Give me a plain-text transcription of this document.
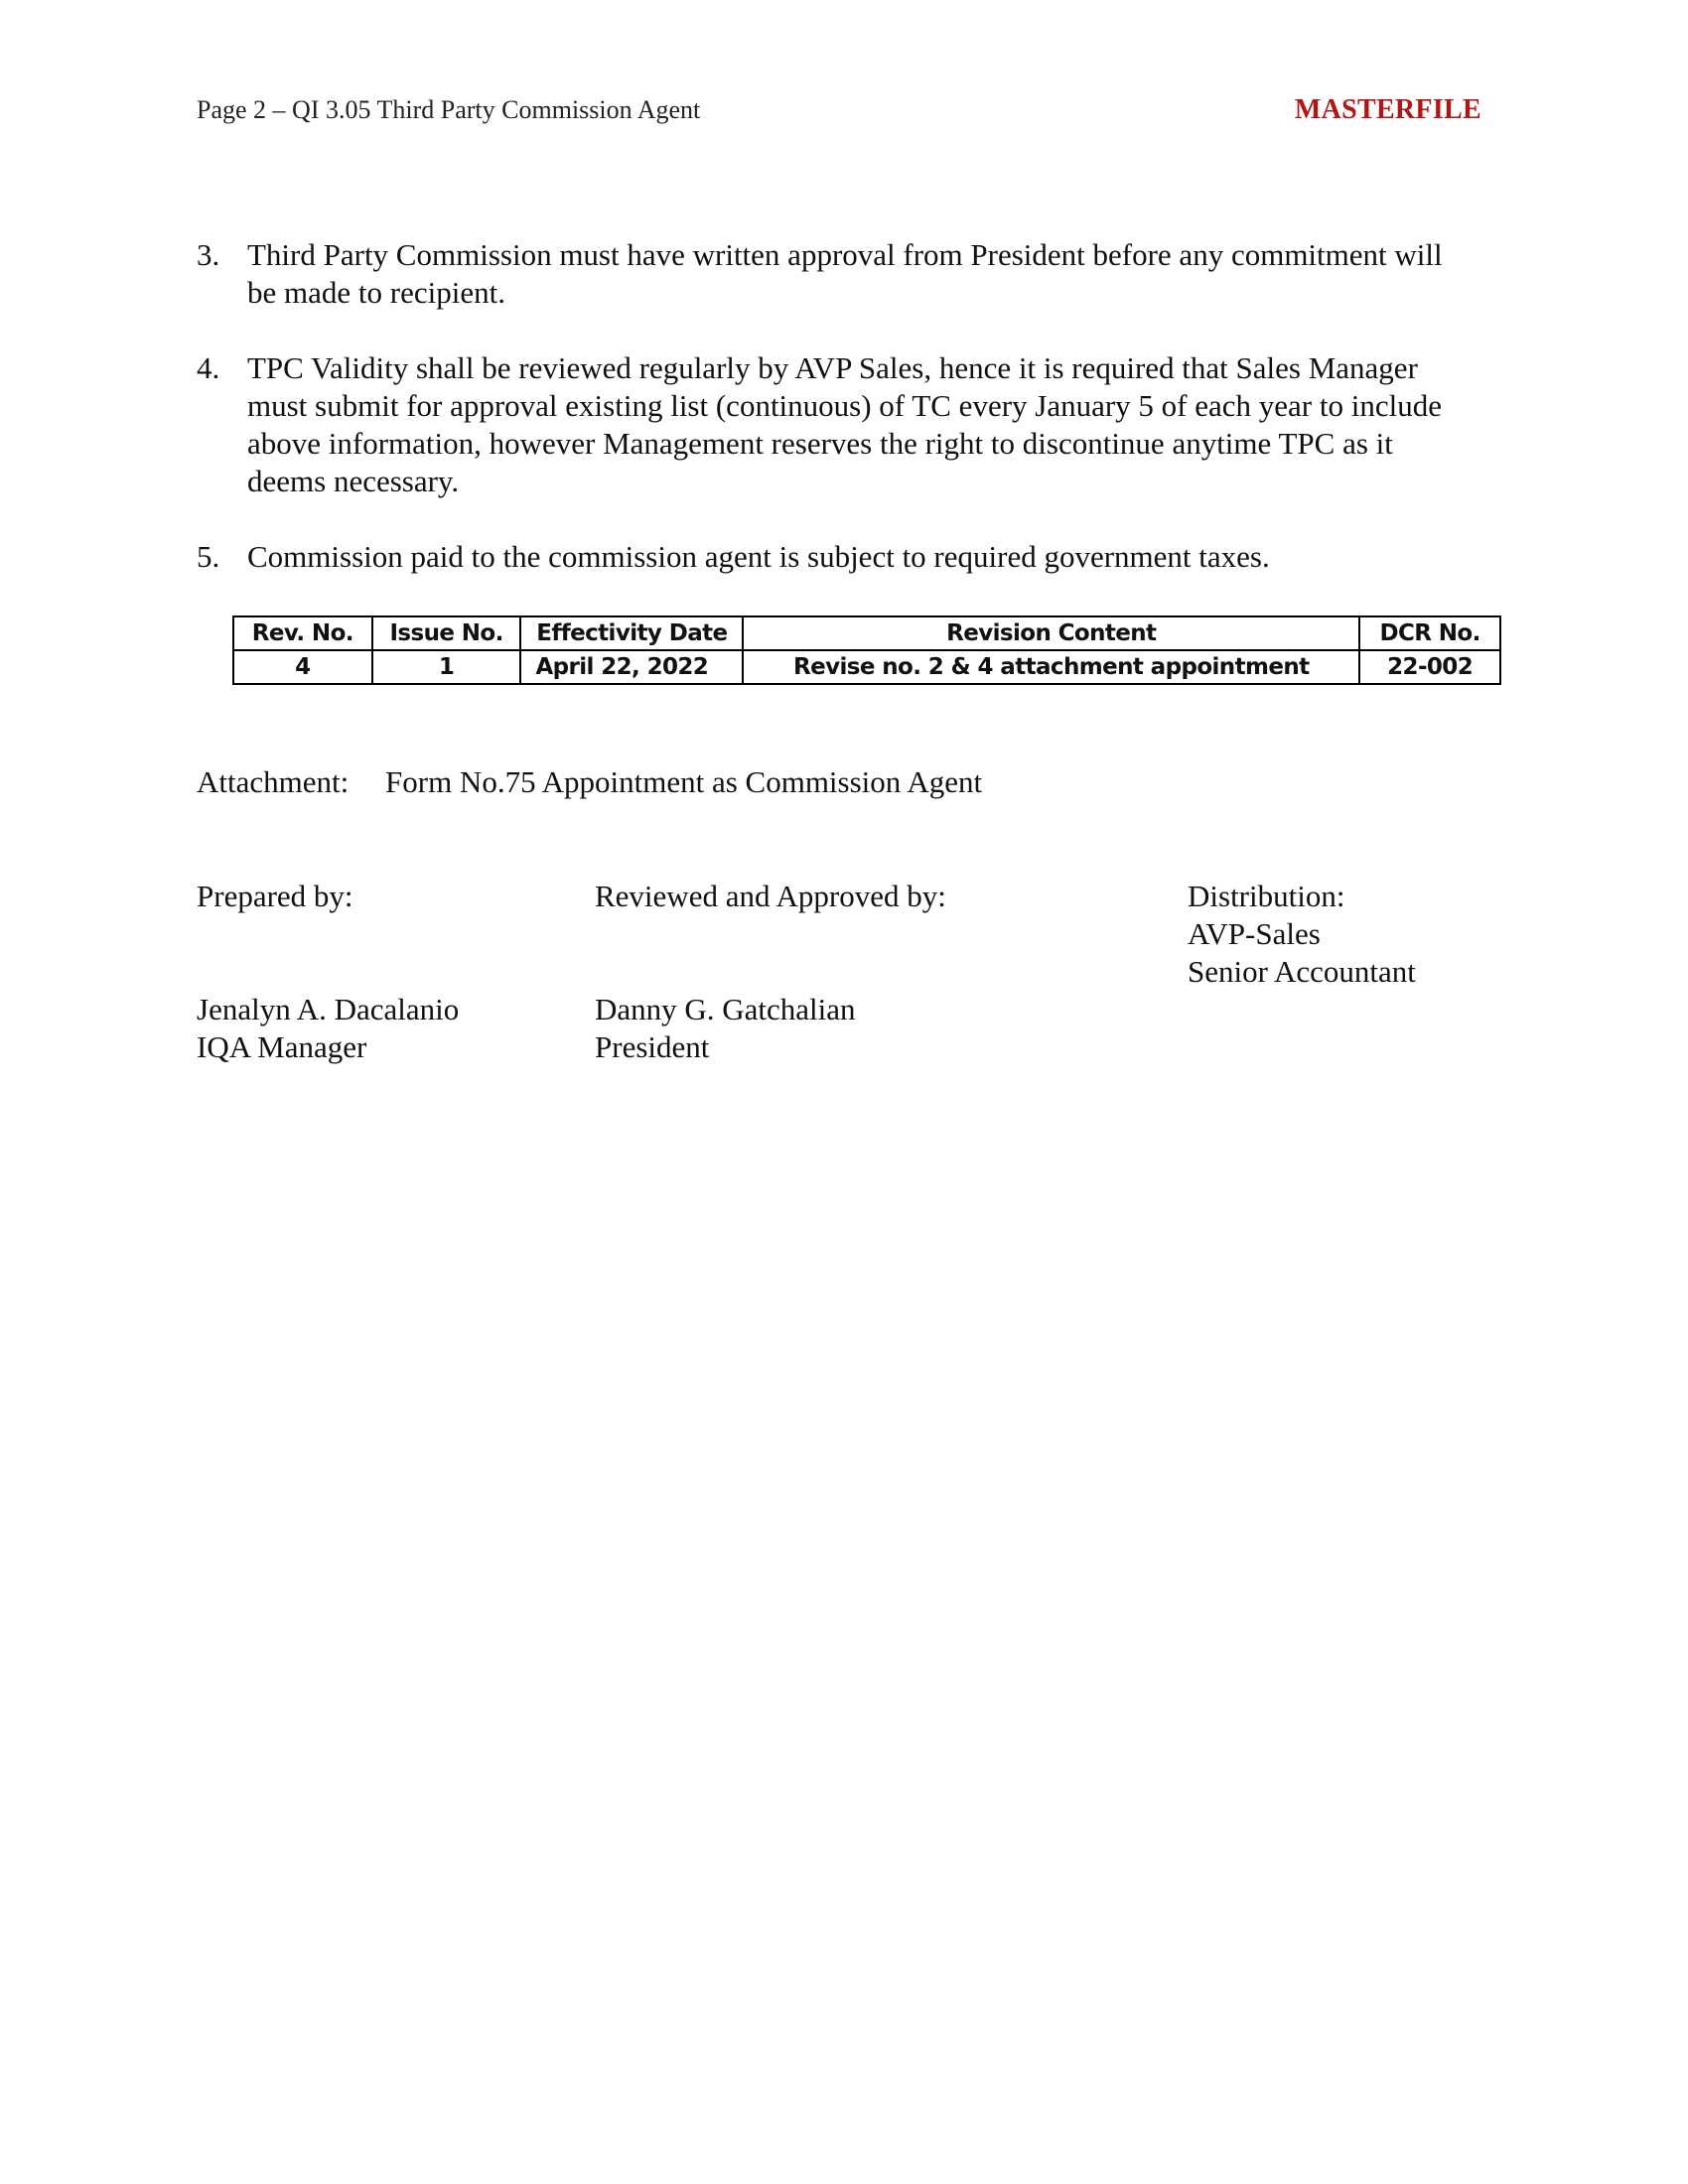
Page 2 – QI 3.05 Third Party Commission Agent	MASTERFILE
3. Third Party Commission must have written approval from President before any commitment will be made to recipient.
4. TPC Validity shall be reviewed regularly by AVP Sales, hence it is required that Sales Manager must submit for approval existing list (continuous) of TC every January 5 of each year to include above information, however Management reserves the right to discontinue anytime TPC as it deems necessary.
5. Commission paid to the commission agent is subject to required government taxes.
Rev. No.	Issue No.	Effectivity Date	Revision Content	DCR No.
4	1	April 22, 2022	Revise no. 2 & 4 attachment appointment	22-002
Attachment: Form No.75 Appointment as Commission Agent
Prepared by:
Jenalyn A. Dacalanio
IQA Manager
Reviewed and Approved by:
Danny G. Gatchalian
President
Distribution:
AVP-Sales
Senior Accountant
